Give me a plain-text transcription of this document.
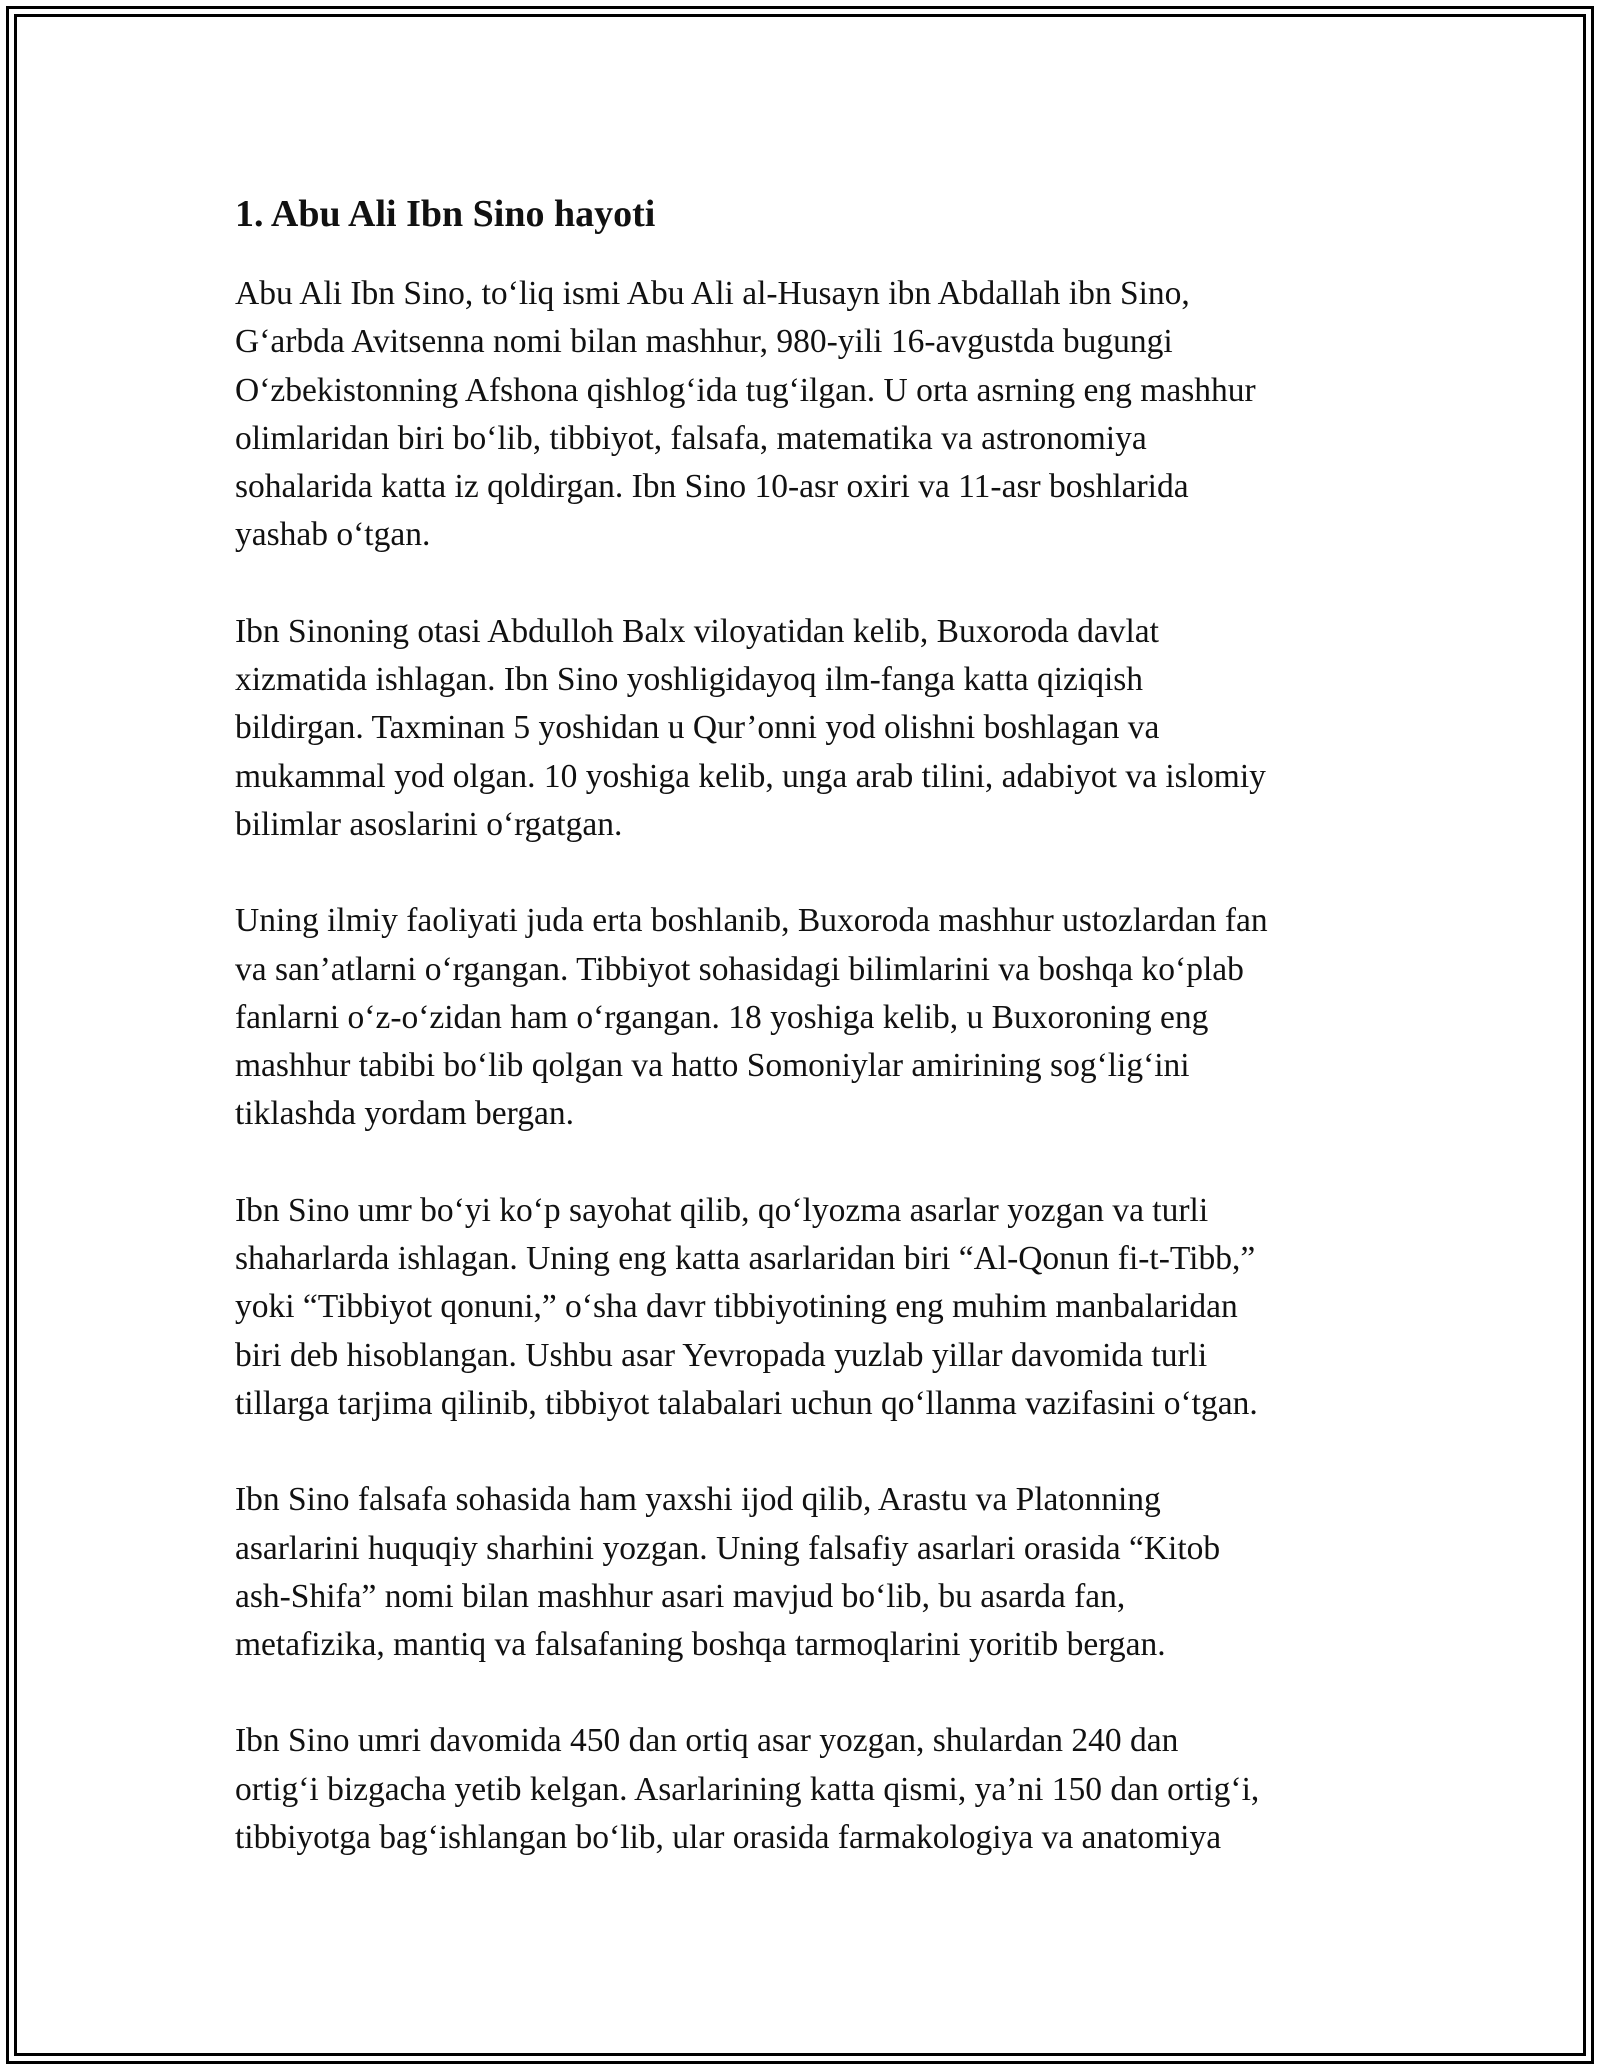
1. Abu Ali Ibn Sino hayoti

Abu Ali Ibn Sino, to‘liq ismi Abu Ali al-Husayn ibn Abdallah ibn Sino,
G‘arbda Avitsenna nomi bilan mashhur, 980-yili 16-avgustda bugungi
O‘zbekistonning Afshona qishlog‘ida tug‘ilgan. U orta asrning eng mashhur
olimlaridan biri bo‘lib, tibbiyot, falsafa, matematika va astronomiya
sohalarida katta iz qoldirgan. Ibn Sino 10-asr oxiri va 11-asr boshlarida
yashab o‘tgan.

Ibn Sinoning otasi Abdulloh Balx viloyatidan kelib, Buxoroda davlat
xizmatida ishlagan. Ibn Sino yoshligidayoq ilm-fanga katta qiziqish
bildirgan. Taxminan 5 yoshidan u Qur’onni yod olishni boshlagan va
mukammal yod olgan. 10 yoshiga kelib, unga arab tilini, adabiyot va islomiy
bilimlar asoslarini o‘rgatgan.

Uning ilmiy faoliyati juda erta boshlanib, Buxoroda mashhur ustozlardan fan
va san’atlarni o‘rgangan. Tibbiyot sohasidagi bilimlarini va boshqa ko‘plab
fanlarni o‘z-o‘zidan ham o‘rgangan. 18 yoshiga kelib, u Buxoroning eng
mashhur tabibi bo‘lib qolgan va hatto Somoniylar amirining sog‘lig‘ini
tiklashda yordam bergan.

Ibn Sino umr bo‘yi ko‘p sayohat qilib, qo‘lyozma asarlar yozgan va turli
shaharlarda ishlagan. Uning eng katta asarlaridan biri “Al-Qonun fi-t-Tibb,”
yoki “Tibbiyot qonuni,” o‘sha davr tibbiyotining eng muhim manbalaridan
biri deb hisoblangan. Ushbu asar Yevropada yuzlab yillar davomida turli
tillarga tarjima qilinib, tibbiyot talabalari uchun qo‘llanma vazifasini o‘tgan.

Ibn Sino falsafa sohasida ham yaxshi ijod qilib, Arastu va Platonning
asarlarini huquqiy sharhini yozgan. Uning falsafiy asarlari orasida “Kitob
ash-Shifa” nomi bilan mashhur asari mavjud bo‘lib, bu asarda fan,
metafizika, mantiq va falsafaning boshqa tarmoqlarini yoritib bergan.

Ibn Sino umri davomida 450 dan ortiq asar yozgan, shulardan 240 dan
ortig‘i bizgacha yetib kelgan. Asarlarining katta qismi, ya’ni 150 dan ortig‘i,
tibbiyotga bag‘ishlangan bo‘lib, ular orasida farmakologiya va anatomiya
